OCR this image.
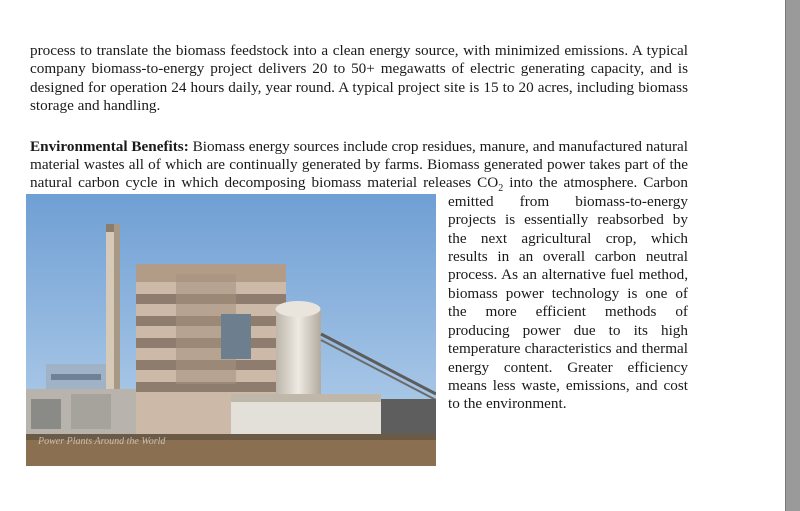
process to translate the biomass feedstock into a clean energy source, with minimized emissions. A typical company biomass-to-energy project delivers 20 to 50+ megawatts of electric generating capacity, and is designed for operation 24 hours daily, year round. A typical project site is 15 to 20 acres, including biomass storage and handling.

Environmental Benefits: Biomass energy sources include crop residues, manure, and manufactured natural material wastes all of which are continually generated by farms. Biomass generated power takes part of the natural carbon cycle in which decomposing biomass material releases CO
Power Plants Around the World
$_2$ into the atmosphere. Carbon emitted from biomass-to-energy projects is essentially reabsorbed by the next agricultural crop, which results in an overall carbon neutral process. As an alternative fuel method, biomass power technology is one of the more efficient methods of producing power due to its high temperature characteristics and thermal energy content. Greater efficiency means less waste, emissions, and cost to the environment.
